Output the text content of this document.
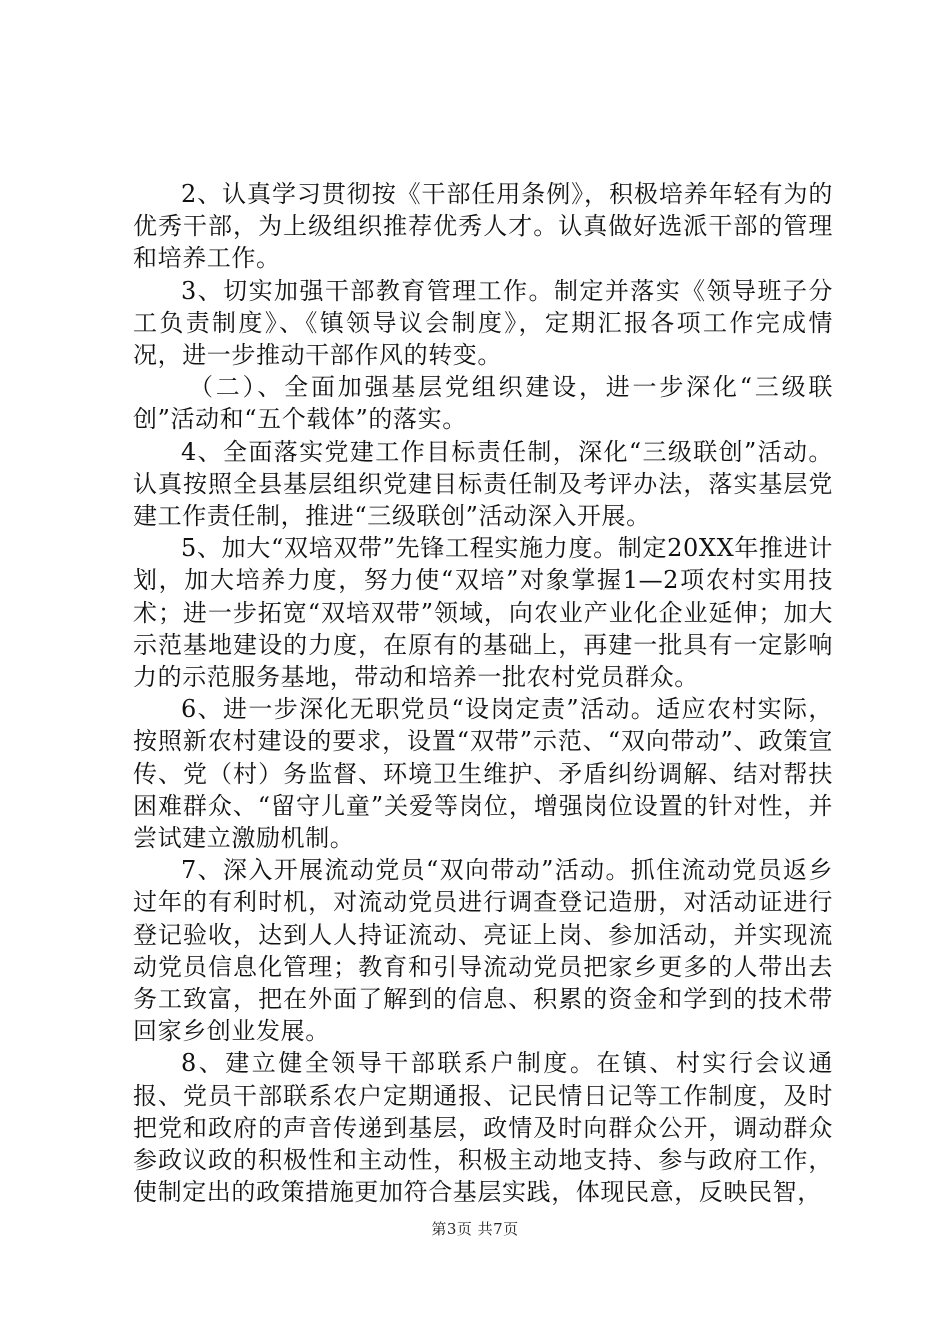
2、认真学习贯彻按《干部任用条例》，积极培养年轻有为的优秀干部，为上级组织推荐优秀人才。认真做好选派干部的管理和培养工作。

3、切实加强干部教育管理工作。制定并落实《领导班子分工负责制度》、《镇领导议会制度》，定期汇报各项工作完成情况，进一步推动干部作风的转变。

（二）、全面加强基层党组织建设，进一步深化“三级联创”活动和“五个载体”的落实。

4、全面落实党建工作目标责任制，深化“三级联创”活动。认真按照全县基层组织党建目标责任制及考评办法，落实基层党建工作责任制，推进“三级联创”活动深入开展。

5、加大“双培双带”先锋工程实施力度。制定20XX年推进计划，加大培养力度，努力使“双培”对象掌握1—2项农村实用技术；进一步拓宽“双培双带”领域，向农业产业化企业延伸；加大示范基地建设的力度，在原有的基础上，再建一批具有一定影响力的示范服务基地，带动和培养一批农村党员群众。

6、进一步深化无职党员“设岗定责”活动。适应农村实际，按照新农村建设的要求，设置“双带”示范、“双向带动”、政策宣传、党（村）务监督、环境卫生维护、矛盾纠纷调解、结对帮扶困难群众、“留守儿童”关爱等岗位，增强岗位设置的针对性，并尝试建立激励机制。

7、深入开展流动党员“双向带动”活动。抓住流动党员返乡过年的有利时机，对流动党员进行调查登记造册，对活动证进行登记验收，达到人人持证流动、亮证上岗、参加活动，并实现流动党员信息化管理；教育和引导流动党员把家乡更多的人带出去务工致富，把在外面了解到的信息、积累的资金和学到的技术带回家乡创业发展。

8、建立健全领导干部联系户制度。在镇、村实行会议通报、党员干部联系农户定期通报、记民情日记等工作制度，及时把党和政府的声音传递到基层，政情及时向群众公开，调动群众参政议政的积极性和主动性，积极主动地支持、参与政府工作，使制定出的政策措施更加符合基层实践，体现民意，反映民智，

第3页 共7页
